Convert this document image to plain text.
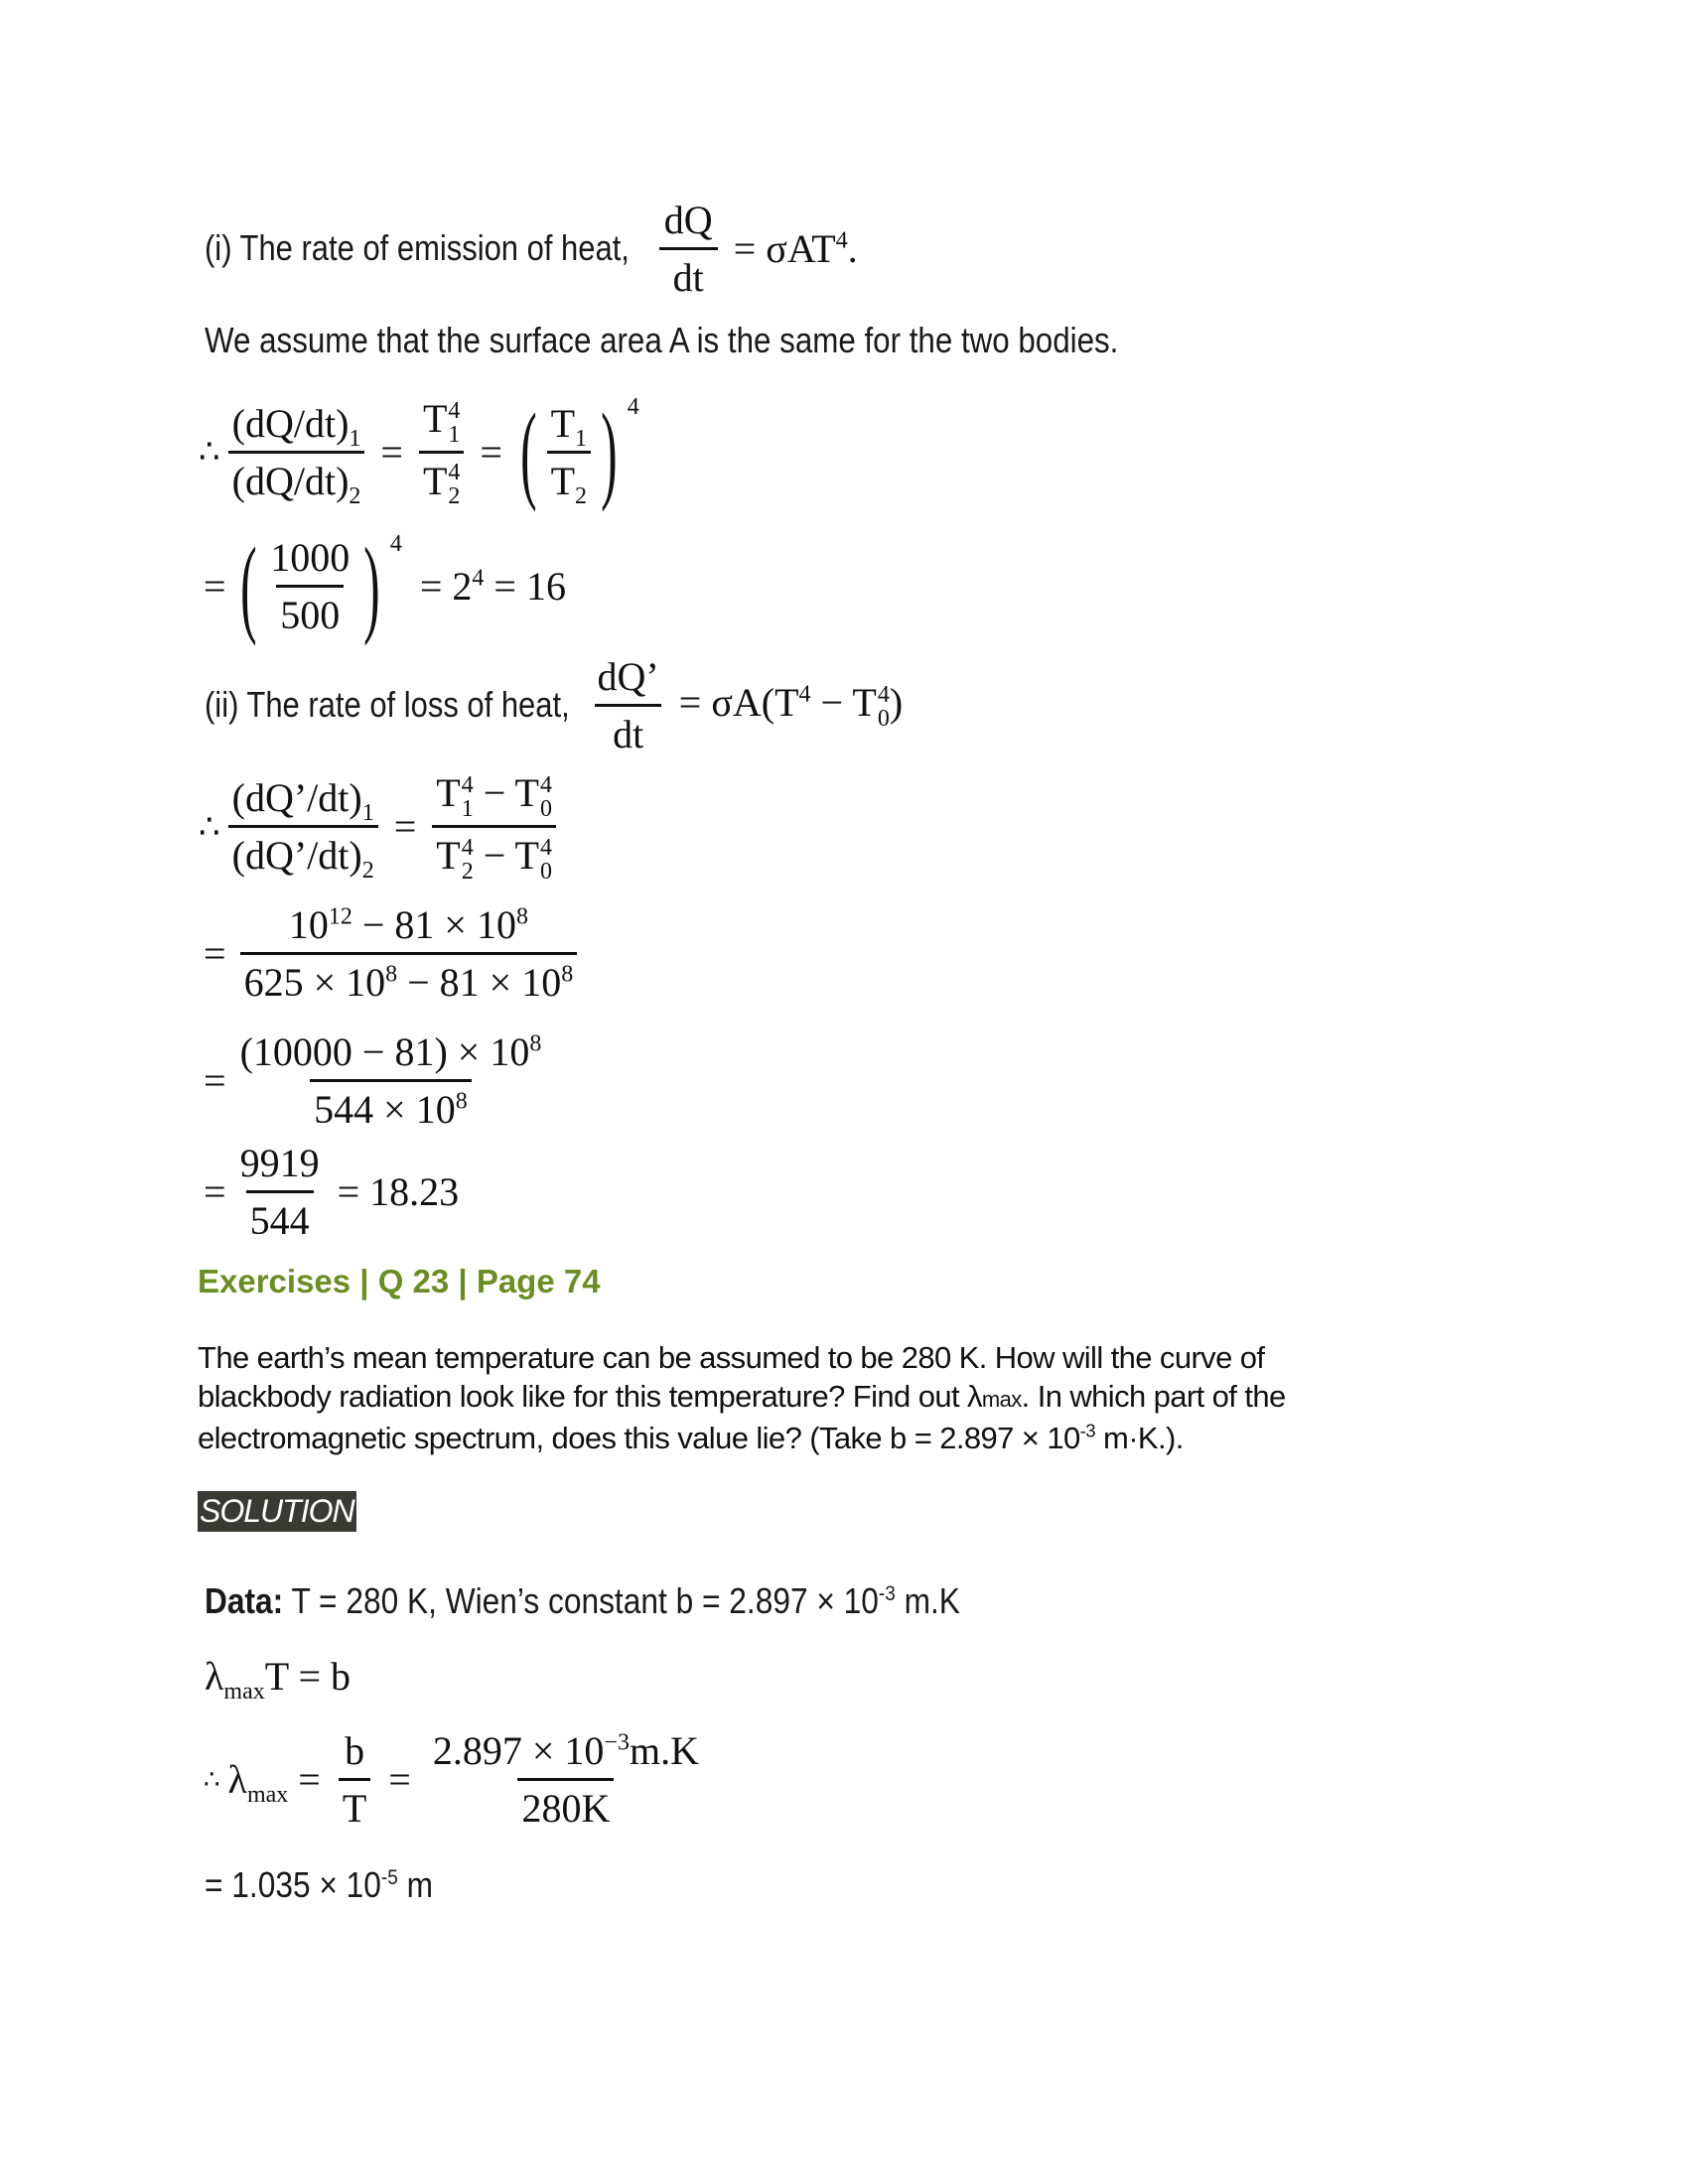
(i) The rate of emission of heat, $\frac{dQ}{dt} = \sigma AT^4$.
We assume that the surface area A is the same for the two bodies.
∴ $\frac{(dQ/dt)_1}{(dQ/dt)_2} = T$ 4
1
T 4
2 = ( $\frac{T_1}{T_2}$ ) 4
= ( $\frac{1000}{500}$ ) 4
= $2^4 = 16$
(ii) The rate of loss of heat, $\frac{dQ’}{dt} = \sigma A(T^4 - T$ 4
0 )
∴ $\frac{(dQ’/dt)_1}{(dQ’/dt)_2} = T$ 4
1 − T 4
0
T 4
2 − T 4
0
= $\frac{10^{12} - 81 \times 10^8}{625 \times 10^8 - 81 \times 10^8}$
= $\frac{(10000 - 81) \times 10^8}{544 \times 10^8}$
= $\frac{9919}{544} = 18.23$
Exercises | Q 23 | Page 74
The earth’s mean temperature can be assumed to be 280 K. How will the curve of
blackbody radiation look like for this temperature? Find out λmax. In which part of the
electromagnetic spectrum, does this value lie? (Take $b = 2.897 \times 10^{-3}$ m·K.).
SOLUTION
Data: T = 280 K, Wien’s constant $b = 2.897 \times 10^{-3}$ m.K
$\lambda_{max}T = b$
∴ $\lambda_{max} = \frac{b}{T} = \frac{2.897 \times 10^{-3}m.K}{280K}$
= $1.035 \times 10^{-5}$ m
